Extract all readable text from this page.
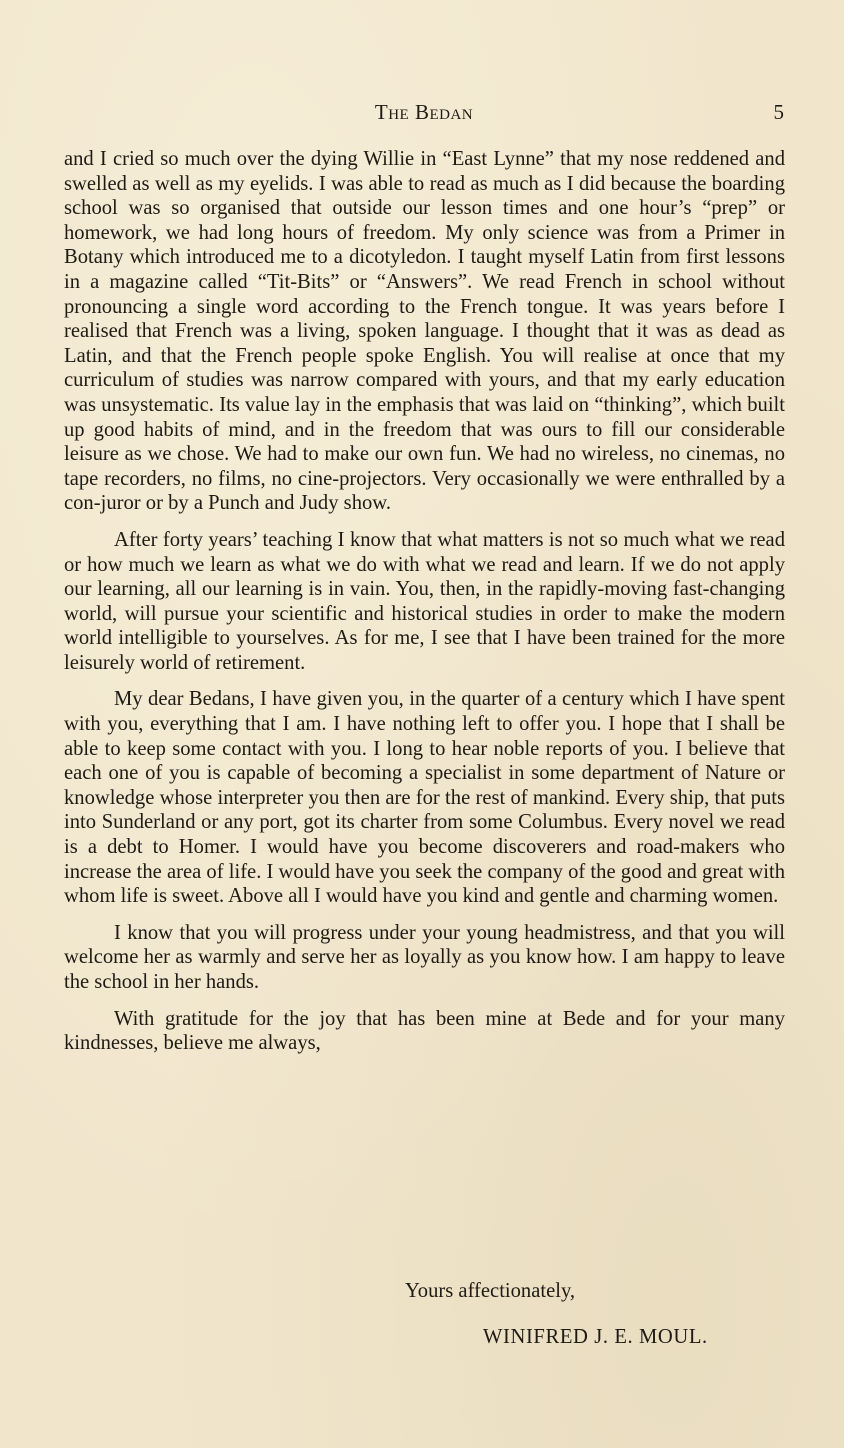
The Bedan	5

and I cried so much over the dying Willie in “East Lynne” that my nose reddened and swelled as well as my eyelids. I was able to read as much as I did because the boarding school was so organised that outside our lesson times and one hour’s “prep” or homework, we had long hours of freedom. My only science was from a Primer in Botany which introduced me to a dicotyledon. I taught myself Latin from first lessons in a magazine called “Tit-Bits” or “Answers”. We read French in school without pronouncing a single word according to the French tongue. It was years before I realised that French was a living, spoken language. I thought that it was as dead as Latin, and that the French people spoke English. You will realise at once that my curriculum of studies was narrow compared with yours, and that my early education was unsystematic. Its value lay in the emphasis that was laid on “thinking”, which built up good habits of mind, and in the freedom that was ours to fill our considerable leisure as we chose. We had to make our own fun. We had no wireless, no cinemas, no tape recorders, no films, no cine-projectors. Very occasionally we were enthralled by a con-juror or by a Punch and Judy show.

After forty years’ teaching I know that what matters is not so much what we read or how much we learn as what we do with what we read and learn. If we do not apply our learning, all our learning is in vain. You, then, in the rapidly-moving fast-changing world, will pursue your scientific and historical studies in order to make the modern world intelligible to yourselves. As for me, I see that I have been trained for the more leisurely world of retirement.

My dear Bedans, I have given you, in the quarter of a century which I have spent with you, everything that I am. I have nothing left to offer you. I hope that I shall be able to keep some contact with you. I long to hear noble reports of you. I believe that each one of you is capable of becoming a specialist in some department of Nature or knowledge whose interpreter you then are for the rest of mankind. Every ship, that puts into Sunderland or any port, got its charter from some Columbus. Every novel we read is a debt to Homer. I would have you become discoverers and road-makers who increase the area of life. I would have you seek the company of the good and great with whom life is sweet. Above all I would have you kind and gentle and charming women.

I know that you will progress under your young headmistress, and that you will welcome her as warmly and serve her as loyally as you know how. I am happy to leave the school in her hands.

With gratitude for the joy that has been mine at Bede and for your many kindnesses, believe me always,

Yours affectionately,
WINIFRED J. E. MOUL.
